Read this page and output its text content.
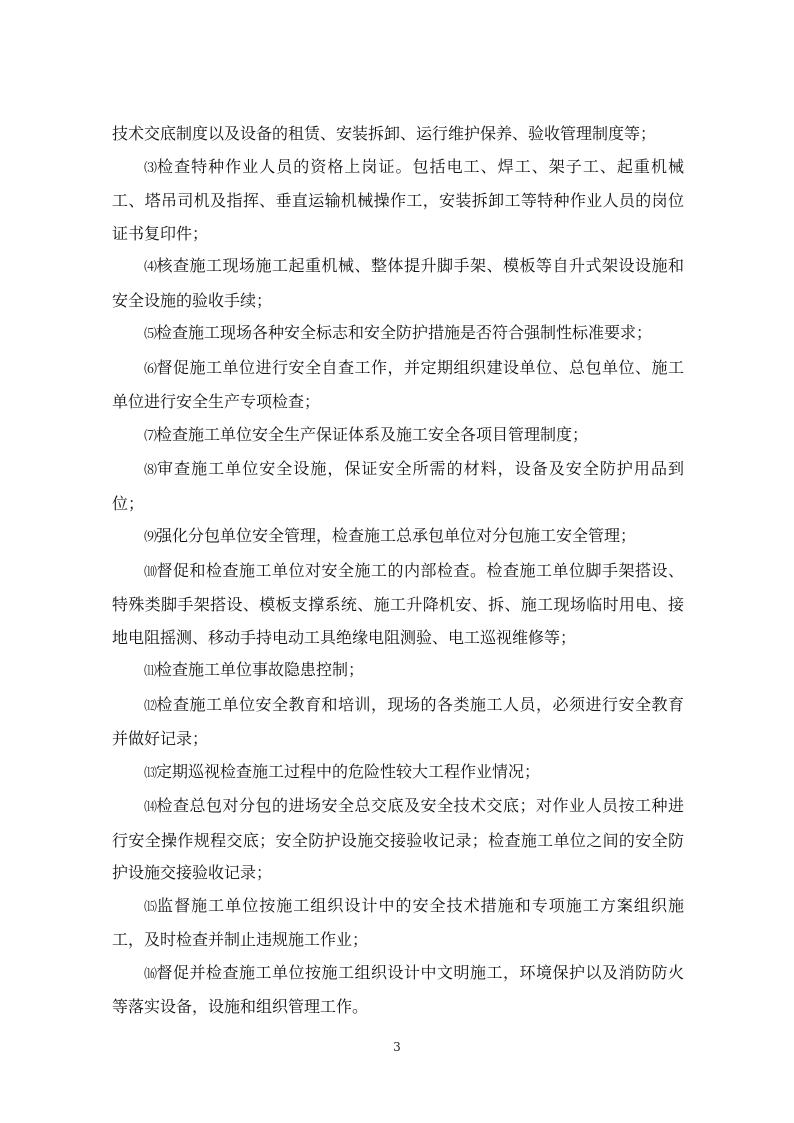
技术交底制度以及设备的租赁、安装拆卸、运行维护保养、验收管理制度等；

⑶检查特种作业人员的资格上岗证。包括电工、焊工、架子工、起重机械工、塔吊司机及指挥、垂直运输机械操作工，安装拆卸工等特种作业人员的岗位证书复印件；

⑷核查施工现场施工起重机械、整体提升脚手架、模板等自升式架设设施和安全设施的验收手续；

⑸检查施工现场各种安全标志和安全防护措施是否符合强制性标准要求；

⑹督促施工单位进行安全自查工作，并定期组织建设单位、总包单位、施工单位进行安全生产专项检查；

⑺检查施工单位安全生产保证体系及施工安全各项目管理制度；

⑻审查施工单位安全设施，保证安全所需的材料，设备及安全防护用品到位；

⑼强化分包单位安全管理，检查施工总承包单位对分包施工安全管理；

⑽督促和检查施工单位对安全施工的内部检查。检查施工单位脚手架搭设、特殊类脚手架搭设、模板支撑系统、施工升降机安、拆、施工现场临时用电、接地电阻摇测、移动手持电动工具绝缘电阻测验、电工巡视维修等；

⑾检查施工单位事故隐患控制；

⑿检查施工单位安全教育和培训，现场的各类施工人员，必须进行安全教育并做好记录；

⒀定期巡视检查施工过程中的危险性较大工程作业情况；

⒁检查总包对分包的进场安全总交底及安全技术交底；对作业人员按工种进行安全操作规程交底；安全防护设施交接验收记录；检查施工单位之间的安全防护设施交接验收记录；

⒂监督施工单位按施工组织设计中的安全技术措施和专项施工方案组织施工，及时检查并制止违规施工作业；

⒃督促并检查施工单位按施工组织设计中文明施工，环境保护以及消防防火等落实设备，设施和组织管理工作。

3
